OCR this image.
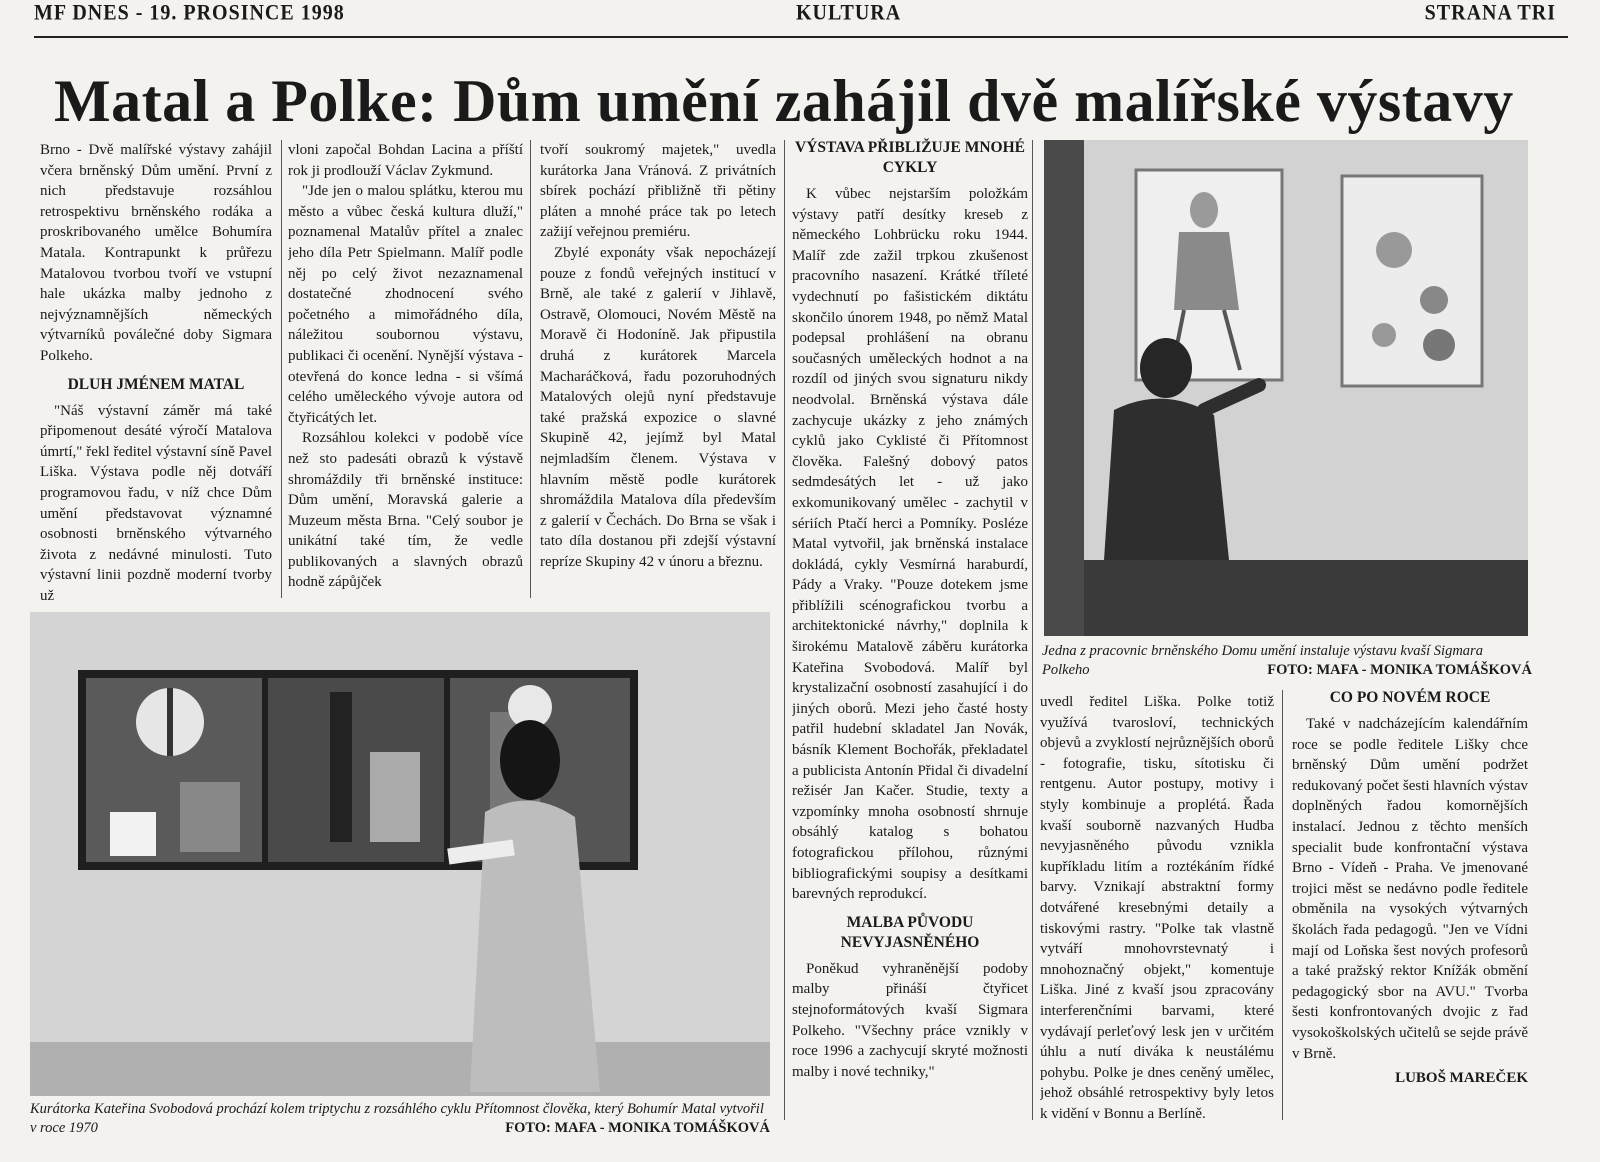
MF DNES - 19. PROSINCE 1998	KULTURA	STRANA TRI
Matal a Polke: Dům umění zahájil dvě malířské výstavy

Brno - Dvě malířské výstavy zahájil včera brněnský Dům umění. První z nich představuje rozsáhlou retrospektivu brněnského rodáka a proskribovaného umělce Bohumíra Matala. Kontrapunkt k průřezu Matalovou tvorbou tvoří ve vstupní hale ukázka malby jednoho z nejvýznamnějších německých výtvarníků poválečné doby Sigmara Polkeho.

DLUH JMÉNEM MATAL

"Náš výstavní záměr má také připomenout desáté výročí Matalova úmrtí," řekl ředitel výstavní síně Pavel Liška. Výstava podle něj dotváří programovou řadu, v níž chce Dům umění představovat významné osobnosti brněnského výtvarného života z nedávné minulosti. Tuto výstavní linii pozdně moderní tvorby už

vloni započal Bohdan Lacina a příští rok ji prodlouží Václav Zykmund.

"Jde jen o malou splátku, kterou mu město a vůbec česká kultura dluží," poznamenal Matalův přítel a znalec jeho díla Petr Spielmann. Malíř podle něj po celý život nezaznamenal dostatečné zhodnocení svého početného a mimořádného díla, náležitou soubornou výstavu, publikaci či ocenění. Nynější výstava - otevřená do konce ledna - si všímá celého uměleckého vývoje autora od čtyřicátých let.

Rozsáhlou kolekci v podobě více než sto padesáti obrazů k výstavě shromáždily tři brněnské instituce: Dům umění, Moravská galerie a Muzeum města Brna. "Celý soubor je unikátní také tím, že vedle publikovaných a slavných obrazů hodně zápůjček

tvoří soukromý majetek," uvedla kurátorka Jana Vránová. Z privátních sbírek pochází přibližně tři pětiny pláten a mnohé práce tak po letech zažijí veřejnou premiéru.

Zbylé exponáty však nepocházejí pouze z fondů veřejných institucí v Brně, ale také z galerií v Jihlavě, Ostravě, Olomouci, Novém Městě na Moravě či Hodoníně. Jak připustila druhá z kurátorek Marcela Macharáčková, řadu pozoruhodných Matalových olejů nyní představuje také pražská expozice o slavné Skupině 42, jejímž byl Matal nejmladším členem. Výstava v hlavním městě podle kurátorek shromáždila Matalova díla především z galerií v Čechách. Do Brna se však i tato díla dostanou při zdejší výstavní repríze Skupiny 42 v únoru a březnu.

VÝSTAVA PŘIBLIŽUJE MNOHÉ CYKLY

K vůbec nejstarším položkám výstavy patří desítky kreseb z německého Lohbrücku roku 1944. Malíř zde zažil trpkou zkušenost pracovního nasazení. Krátké tříleté vydechnutí po fašistickém diktátu skončilo únorem 1948, po němž Matal podepsal prohlášení na obranu současných uměleckých hodnot a na rozdíl od jiných svou signaturu nikdy neodvolal. Brněnská výstava dále zachycuje ukázky z jeho známých cyklů jako Cyklisté či Přítomnost člověka. Falešný dobový patos sedmdesátých let - už jako exkomunikovaný umělec - zachytil v sériích Ptačí herci a Pomníky. Posléze Matal vytvořil, jak brněnská instalace dokládá, cykly Vesmírná haraburdí, Pády a Vraky. "Pouze dotekem jsme přiblížili scénografickou tvorbu a architektonické návrhy," doplnila k širokému Matalově záběru kurátorka Kateřina Svobodová. Malíř byl krystalizační osobností zasahující i do jiných oborů. Mezi jeho časté hosty patřil hudební skladatel Jan Novák, básník Klement Bochořák, překladatel a publicista Antonín Přidal či divadelní režisér Jan Kačer. Studie, texty a vzpomínky mnoha osobností shrnuje obsáhlý katalog s bohatou fotografickou přílohou, různými bibliografickými soupisy a desítkami barevných reprodukcí.

MALBA PŮVODU NEVYJASNĚNÉHO

Poněkud vyhraněnější podoby malby přináší čtyřicet stejnoformátových kvaší Sigmara Polkeho. "Všechny práce vznikly v roce 1996 a zachycují skryté možnosti malby i nové techniky,"

uvedl ředitel Liška. Polke totiž využívá tvarosloví, technických objevů a zvyklostí nejrůznějších oborů - fotografie, tisku, sítotisku či rentgenu. Autor postupy, motivy i styly kombinuje a proplétá. Řada kvaší souborně nazvaných Hudba nevyjasněného původu vznikla kupříkladu litím a roztékáním řídké barvy. Vznikají abstraktní formy dotvářené kresebnými detaily a tiskovými rastry. "Polke tak vlastně vytváří mnohovrstevnatý i mnohoznačný objekt," komentuje Liška. Jiné z kvaší jsou zpracovány interferenčními barvami, které vydávají perleťový lesk jen v určitém úhlu a nutí diváka k neustálému pohybu. Polke je dnes ceněný umělec, jehož obsáhlé retrospektivy byly letos k vidění v Bonnu a Berlíně.

CO PO NOVÉM ROCE

Také v nadcházejícím kalendářním roce se podle ředitele Lišky chce brněnský Dům umění podržet redukovaný počet šesti hlavních výstav doplněných řadou komornějších instalací. Jednou z těchto menších specialit bude konfrontační výstava Brno - Vídeň - Praha. Ve jmenované trojici měst se nedávno podle ředitele obměnila na vysokých výtvarných školách řada pedagogů. "Jen ve Vídni mají od Loňska šest nových profesorů a také pražský rektor Knížák obmění pedagogický sbor na AVU." Tvorba šesti konfrontovaných dvojic z řad vysokoškolských učitelů se sejde právě v Brně.

LUBOŠ MAREČEK
Jedna z pracovnic brněnského Domu umění instaluje výstavu kvaší Sigmara Polkeho	FOTO: MAFA - MONIKA TOMÁŠKOVÁ
Kurátorka Kateřina Svobodová prochází kolem triptychu z rozsáhlého cyklu Přítomnost člověka, který Bohumír Matal vytvořil v roce 1970	FOTO: MAFA - MONIKA TOMÁŠKOVÁ
